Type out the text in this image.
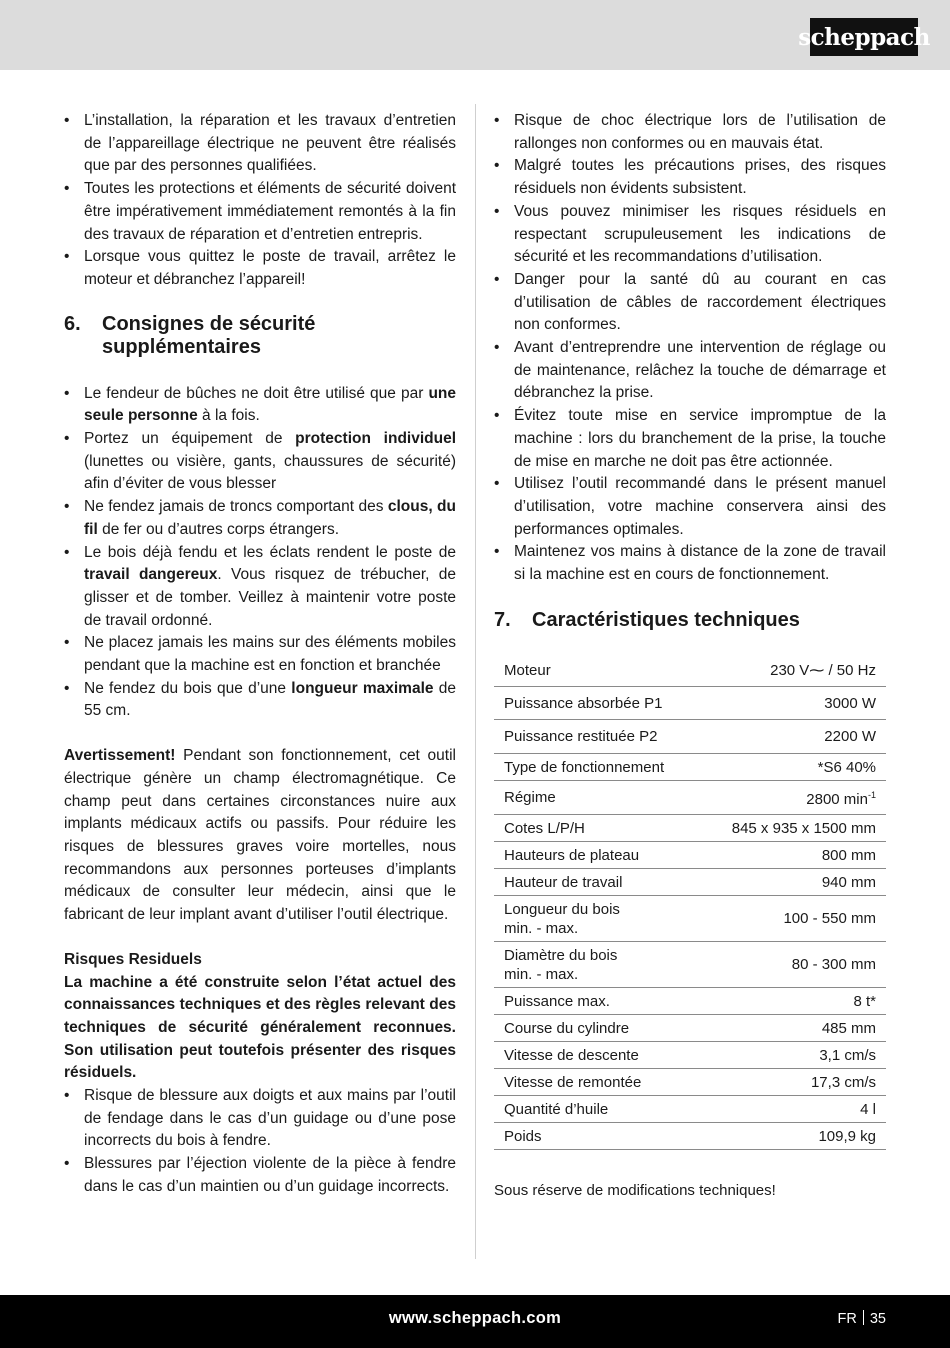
scheppach
• L’installation, la réparation et les travaux d’entretien de l’appareillage électrique ne peuvent être réalisés que par des personnes qualifiées.
• Toutes les protections et éléments de sécurité doivent être impérativement immédiatement remontés à la fin des travaux de réparation et d’entretien entrepris.
• Lorsque vous quittez le poste de travail, arrêtez le moteur et débranchez l’appareil!
6.	Consignes de sécurité supplémentaires
• Le fendeur de bûches ne doit être utilisé que par une seule personne à la fois.
• Portez un équipement de protection individuel (lunettes ou visière, gants, chaussures de sécurité) afin d’éviter de vous blesser
• Ne fendez jamais de troncs comportant des clous, du fil de fer ou d’autres corps étrangers.
• Le bois déjà fendu et les éclats rendent le poste de travail dangereux. Vous risquez de trébucher, de glisser et de tomber. Veillez à maintenir votre poste de travail ordonné.
• Ne placez jamais les mains sur des éléments mobiles pendant que la machine est en fonction et branchée
• Ne fendez du bois que d’une longueur maximale de 55 cm.

Avertissement! Pendant son fonctionnement, cet outil électrique génère un champ électromagnétique. Ce champ peut dans certaines circonstances nuire aux implants médicaux actifs ou passifs. Pour réduire les risques de blessures graves voire mortelles, nous recommandons aux personnes porteuses d’implants médicaux de consulter leur médecin, ainsi que le fabricant de leur implant avant d’utiliser l’outil électrique.

Risques Residuels
La machine a été construite selon l’état actuel des connaissances techniques et des règles relevant des techniques de sécurité généralement reconnues. Son utilisation peut toutefois présenter des risques résiduels.
• Risque de blessure aux doigts et aux mains par l’outil de fendage dans le cas d’un guidage ou d’une pose incorrects du bois à fendre.
• Blessures par l’éjection violente de la pièce à fendre dans le cas d’un maintien ou d’un guidage incorrects.
• Risque de choc électrique lors de l’utilisation de rallonges non conformes ou en mauvais état.
• Malgré toutes les précautions prises, des risques résiduels non évidents subsistent.
• Vous pouvez minimiser les risques résiduels en respectant scrupuleusement les indications de sécurité et les recommandations d’utilisation.
• Danger pour la santé dû au courant en cas d’utilisation de câbles de raccordement électriques non conformes.
• Avant d’entreprendre une intervention de réglage ou de maintenance, relâchez la touche de démarrage et débranchez la prise.
• Évitez toute mise en service impromptue de la machine : lors du branchement de la prise, la touche de mise en marche ne doit pas être actionnée.
• Utilisez l’outil recommandé dans le présent manuel d’utilisation, votre machine conservera ainsi des performances optimales.
• Maintenez vos mains à distance de la zone de travail si la machine est en cours de fonctionnement.
7.	Caractéristiques techniques
Moteur	230 V⁓ / 50 Hz
Puissance absorbée P1	3000 W
Puissance restituée P2	2200 W
Type de fonctionnement	*S6 40%
Régime	2800 $\min^{-1}$
Cotes L/P/H	845 x 935 x 1500 mm
Hauteurs de plateau	800 mm
Hauteur de travail	940 mm
Longueur du bois
min. - max.	100 - 550 mm
Diamètre du bois
min. - max.	80 - 300 mm
Puissance max.	8 t*
Course du cylindre	485 mm
Vitesse de descente	3,1 cm/s
Vitesse de remontée	17,3 cm/s
Quantité d’huile	4 l
Poids	109,9 kg
Sous réserve de modifications techniques!
www.scheppach.com	FR 35
